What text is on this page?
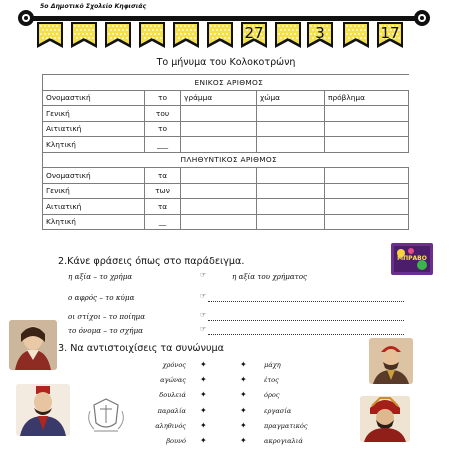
5ο Δημοτικό Σχολείο Κηφισιάς
27	3	17
Το μήνυμα του Κολοκοτρώνη
		ΕΝΙΚΟΣ ΑΡΙΘΜΟΣ		
Ονομαστική	το	γράμμα	χώμα	πρόβλημα
Γενική	του			
Αιτιατική	το			
Κλητική	___			
		ΠΛΗΘΥΝΤΙΚΟΣ ΑΡΙΘΜΟΣ		
Ονομαστική	τα			
Γενική	των			
Αιτιατική	τα			
Κλητική	__			
2.Κάνε φράσεις όπως στο παράδειγμα.
η αξία – το χρήμα	☞	η αξία του χρήματος
ο αφρός – το κύμα	☞
οι στίχοι – το ποίημα	☞
το όνομα – το σχήμα	☞
ΜΠΡΑΒΟ
3. Να αντιστοιχίσεις τα συνώνυμα
χρόνος ✦	✦	μάχη
αγώνας ✦	✦	έτος
δουλειά ✦	✦	όρος
παραλία ✦	✦	εργασία
αληθινός ✦	✦	πραγματικός
βουνό ✦	✦	ακρογιαλιά
